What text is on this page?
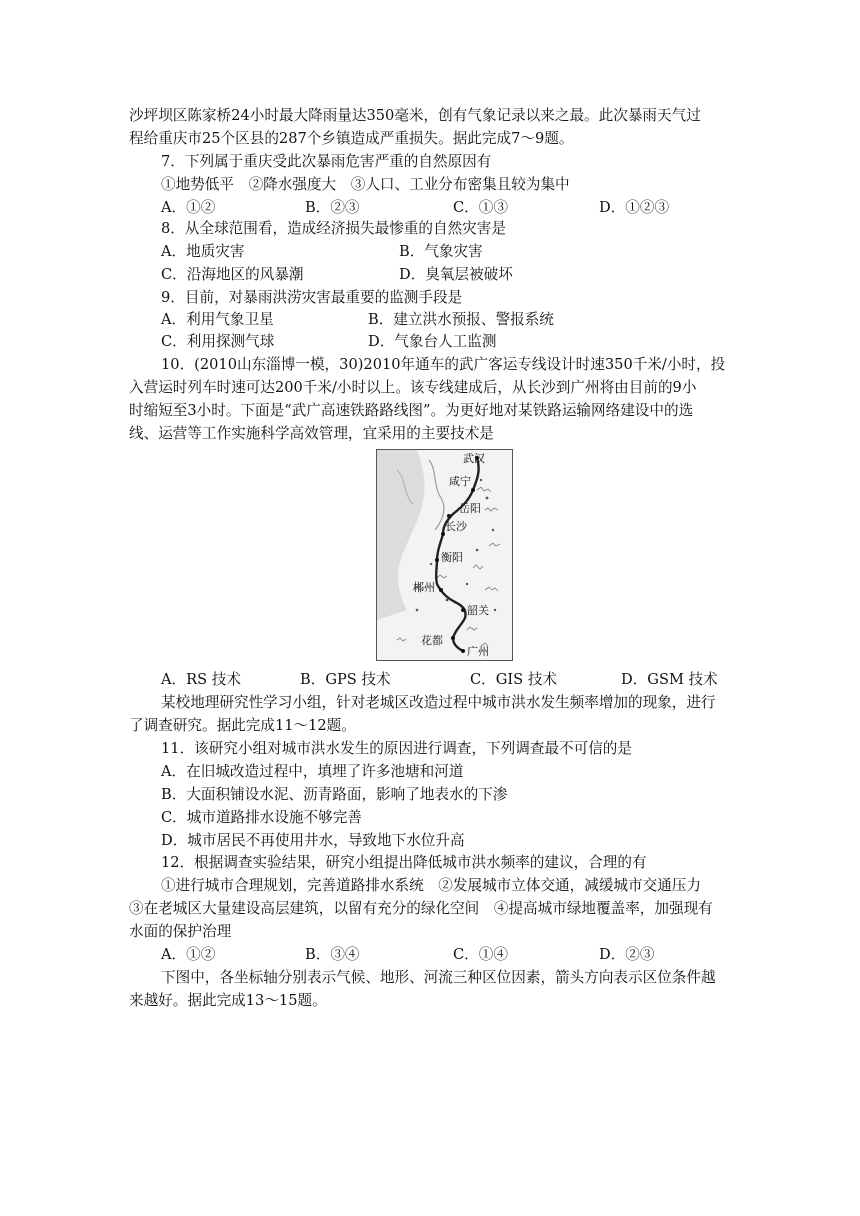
沙坪坝区陈家桥24小时最大降雨量达350毫米，创有气象记录以来之最。此次暴雨天气过
程给重庆市25个区县的287个乡镇造成严重损失。据此完成7～9题。
7．下列属于重庆受此次暴雨危害严重的自然原因有
①地势低平　②降水强度大　③人口、工业分布密集且较为集中
A．①②	B．②③	C．①③	D．①②③
8．从全球范围看，造成经济损失最惨重的自然灾害是
A．地质灾害	B．气象灾害
C．沿海地区的风暴潮	D．臭氧层被破坏
9．目前，对暴雨洪涝灾害最重要的监测手段是
A．利用气象卫星	B．建立洪水预报、警报系统
C．利用探测气球	D．气象台人工监测
10．(2010山东淄博一模，30)2010年通车的武广客运专线设计时速350千米/小时，投
入营运时列车时速可达200千米/小时以上。该专线建成后，从长沙到广州将由目前的9小
时缩短至3小时。下面是“武广高速铁路路线图”。为更好地对某铁路运输网络建设中的选
线、运营等工作实施科学高效管理，宜采用的主要技术是
武汉
咸宁
岳阳
长沙
衡阳
郴州
韶关
花都
广州
A．RS 技术	B．GPS 技术	C．GIS 技术	D．GSM 技术
某校地理研究性学习小组，针对老城区改造过程中城市洪水发生频率增加的现象，进行
了调查研究。据此完成11～12题。
11．该研究小组对城市洪水发生的原因进行调查，下列调查最不可信的是
A．在旧城改造过程中，填埋了许多池塘和河道
B．大面积铺设水泥、沥青路面，影响了地表水的下渗
C．城市道路排水设施不够完善
D．城市居民不再使用井水，导致地下水位升高
12．根据调查实验结果，研究小组提出降低城市洪水频率的建议，合理的有
①进行城市合理规划，完善道路排水系统　②发展城市立体交通，减缓城市交通压力
③在老城区大量建设高层建筑，以留有充分的绿化空间　④提高城市绿地覆盖率，加强现有
水面的保护治理
A．①②	B．③④	C．①④	D．②③
下图中，各坐标轴分别表示气候、地形、河流三种区位因素，箭头方向表示区位条件越
来越好。据此完成13～15题。
